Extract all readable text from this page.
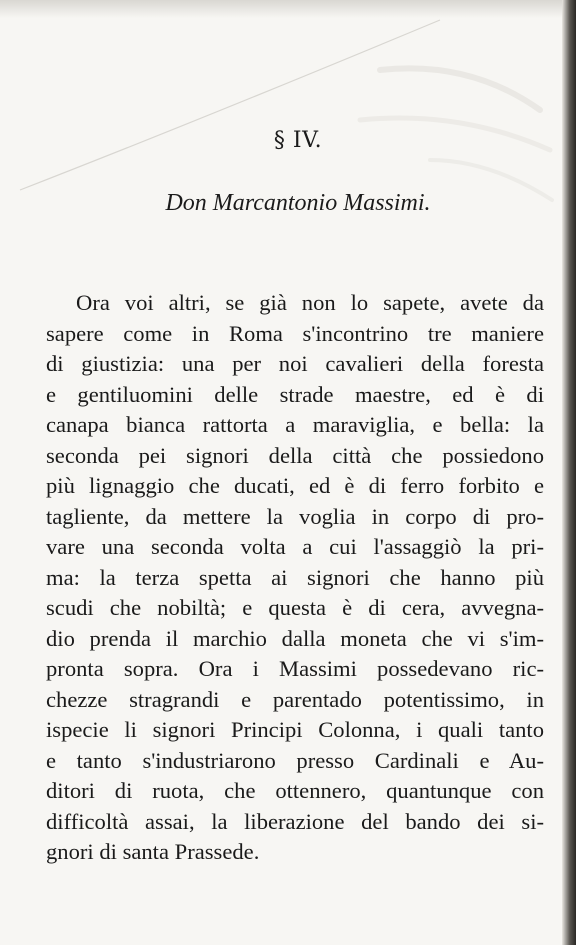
§ IV.
Don Marcantonio Massimi.
Ora voi altri, se già non lo sapete, avete da
sapere come in Roma s'incontrino tre maniere
di giustizia: una per noi cavalieri della foresta
e gentiluomini delle strade maestre, ed è di
canapa bianca rattorta a maraviglia, e bella: la
seconda pei signori della città che possiedono
più lignaggio che ducati, ed è di ferro forbito e
tagliente, da mettere la voglia in corpo di pro-
vare una seconda volta a cui l'assaggiò la pri-
ma: la terza spetta ai signori che hanno più
scudi che nobiltà; e questa è di cera, avvegna-
dio prenda il marchio dalla moneta che vi s'im-
pronta sopra. Ora i Massimi possedevano ric-
chezze stragrandi e parentado potentissimo, in
ispecie li signori Principi Colonna, i quali tanto
e tanto s'industriarono presso Cardinali e Au-
ditori di ruota, che ottennero, quantunque con
difficoltà assai, la liberazione del bando dei si-
gnori di santa Prassede.
